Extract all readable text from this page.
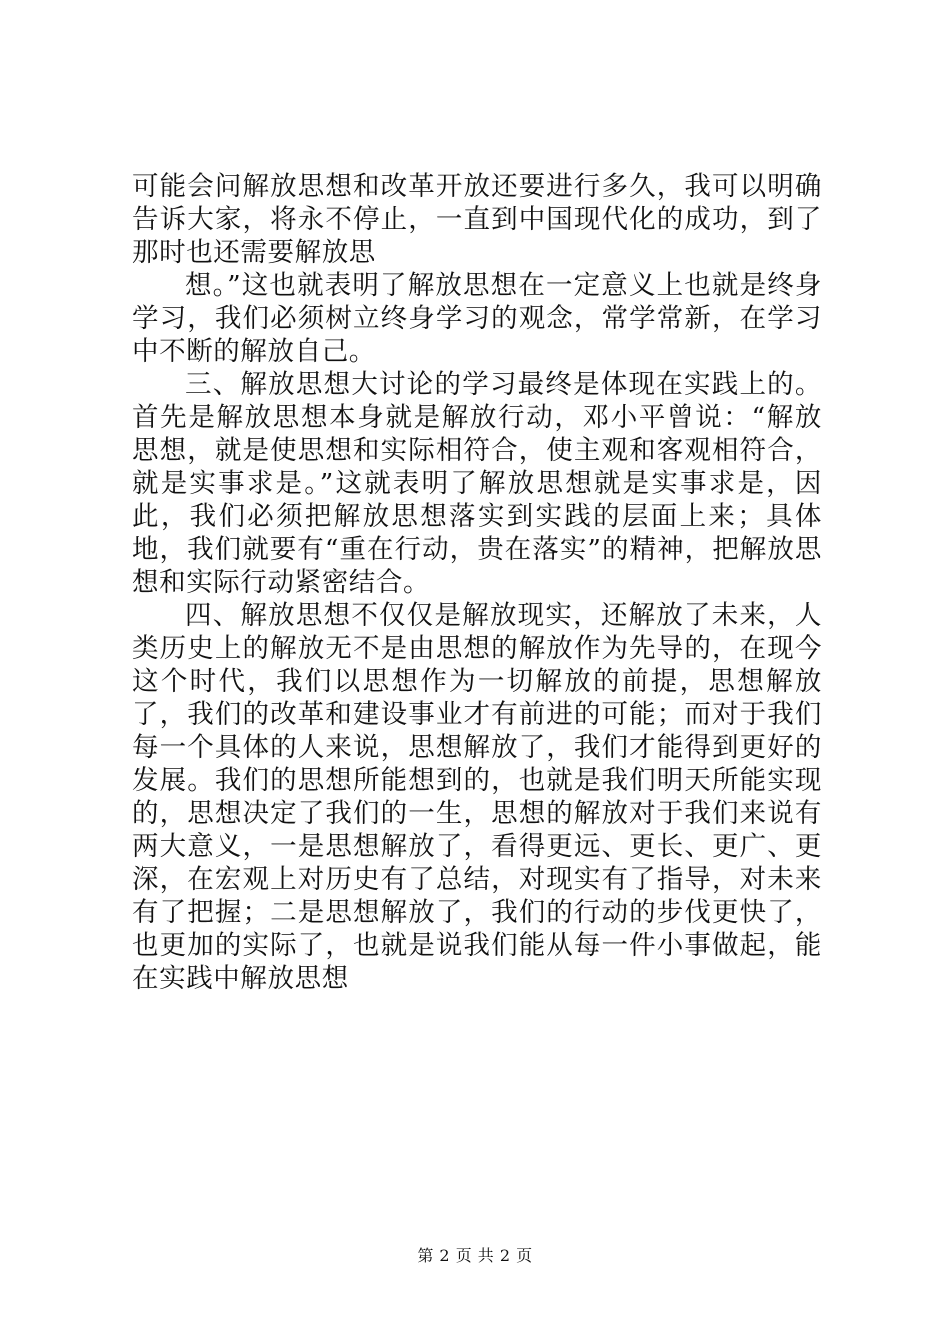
可能会问解放思想和改革开放还要进行多久，我可以明确告诉大家，将永不停止，一直到中国现代化的成功，到了那时也还需要解放思

想。”这也就表明了解放思想在一定意义上也就是终身学习，我们必须树立终身学习的观念，常学常新，在学习中不断的解放自己。

三、解放思想大讨论的学习最终是体现在实践上的。首先是解放思想本身就是解放行动，邓小平曾说：“解放思想，就是使思想和实际相符合，使主观和客观相符合，就是实事求是。”这就表明了解放思想就是实事求是，因此，我们必须把解放思想落实到实践的层面上来；具体地，我们就要有“重在行动，贵在落实”的精神，把解放思想和实际行动紧密结合。

四、解放思想不仅仅是解放现实，还解放了未来，人类历史上的解放无不是由思想的解放作为先导的，在现今这个时代，我们以思想作为一切解放的前提，思想解放了，我们的改革和建设事业才有前进的可能；而对于我们每一个具体的人来说，思想解放了，我们才能得到更好的发展。我们的思想所能想到的，也就是我们明天所能实现的，思想决定了我们的一生，思想的解放对于我们来说有两大意义，一是思想解放了，看得更远、更长、更广、更深，在宏观上对历史有了总结，对现实有了指导，对未来有了把握；二是思想解放了，我们的行动的步伐更快了，也更加的实际了，也就是说我们能从每一件小事做起，能在实践中解放思想

第 2 页 共 2 页
